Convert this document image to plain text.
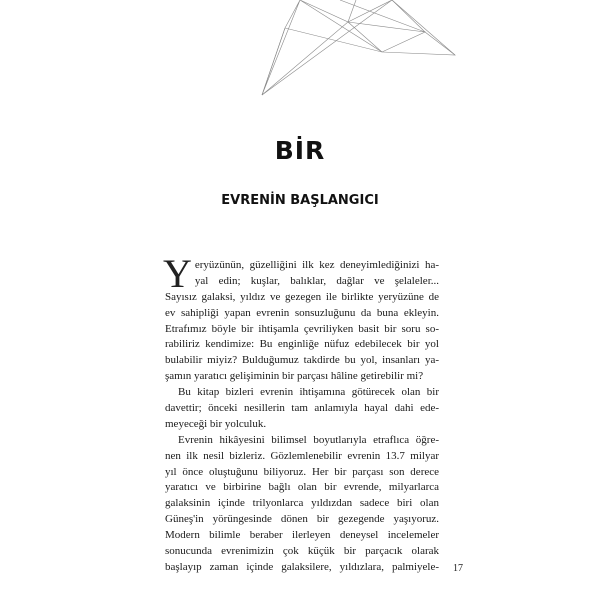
BİR
EVRENİN BAŞLANGICI

Y eryüzünün, güzelliğini ilk kez deneyimlediğinizi ha-
yal edin; kuşlar, balıklar, dağlar ve şelaleler...
Sayısız galaksi, yıldız ve gezegen ile birlikte yeryüzüne de
ev sahipliği yapan evrenin sonsuzluğunu da buna ekleyin.
Etrafımız böyle bir ihtişamla çevriliyken basit bir soru so-
rabiliriz kendimize: Bu enginliğe nüfuz edebilecek bir yol
bulabilir miyiz? Bulduğumuz takdirde bu yol, insanları ya-
şamın yaratıcı gelişiminin bir parçası hâline getirebilir mi?

Bu kitap bizleri evrenin ihtişamına götürecek olan bir
davettir; önceki nesillerin tam anlamıyla hayal dahi ede-
meyeceği bir yolculuk.

Evrenin hikâyesini bilimsel boyutlarıyla etraflıca öğre-
nen ilk nesil bizleriz. Gözlemlenebilir evrenin 13.7 milyar
yıl önce oluştuğunu biliyoruz. Her bir parçası son derece
yaratıcı ve birbirine bağlı olan bir evrende, milyarlarca
galaksinin içinde trilyonlarca yıldızdan sadece biri olan
Güneş'in yörüngesinde dönen bir gezegende yaşıyoruz.
Modern bilimle beraber ilerleyen deneysel incelemeler
sonucunda evrenimizin çok küçük bir parçacık olarak
başlayıp zaman içinde galaksilere, yıldızlara, palmiyele- 17
